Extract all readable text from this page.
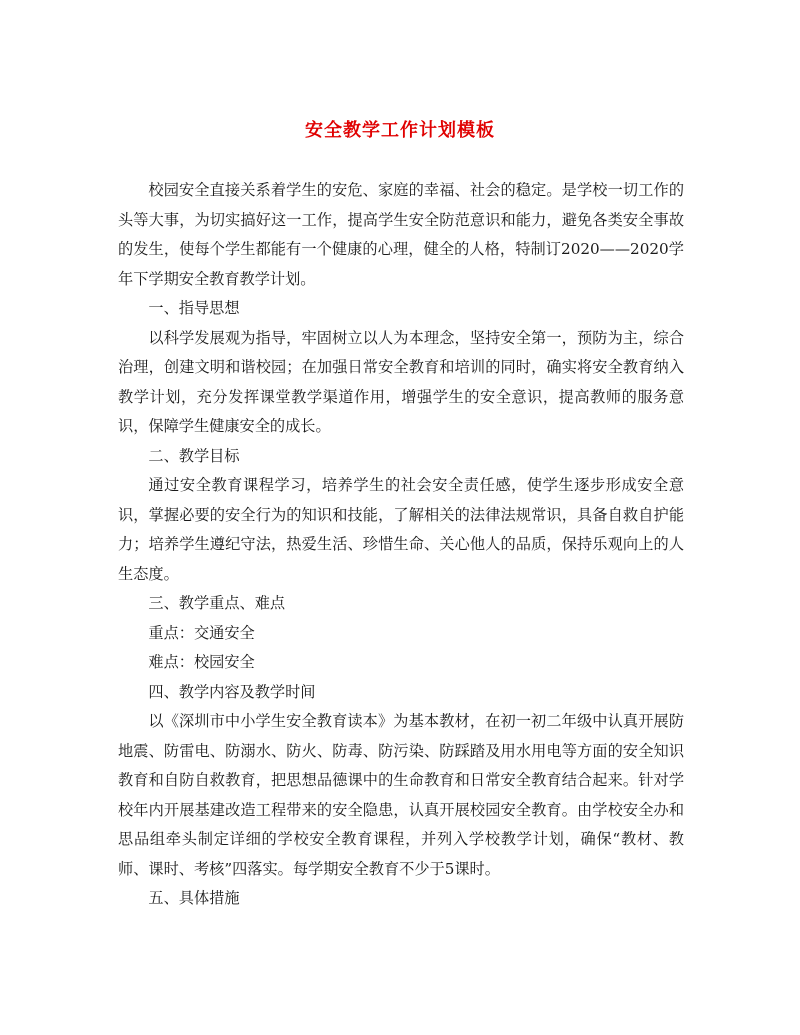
安全教学工作计划模板

校园安全直接关系着学生的安危、家庭的幸福、社会的稳定。是学校一切工作的头等大事，为切实搞好这一工作，提高学生安全防范意识和能力，避免各类安全事故的发生，使每个学生都能有一个健康的心理，健全的人格，特制订2020——2020学年下学期安全教育教学计划。

一、指导思想

以科学发展观为指导，牢固树立以人为本理念，坚持安全第一，预防为主，综合治理，创建文明和谐校园；在加强日常安全教育和培训的同时，确实将安全教育纳入教学计划，充分发挥课堂教学渠道作用，增强学生的安全意识，提高教师的服务意识，保障学生健康安全的成长。

二、教学目标

通过安全教育课程学习，培养学生的社会安全责任感，使学生逐步形成安全意识，掌握必要的安全行为的知识和技能，了解相关的法律法规常识，具备自救自护能力；培养学生遵纪守法，热爱生活、珍惜生命、关心他人的品质，保持乐观向上的人生态度。

三、教学重点、难点

重点：交通安全

难点：校园安全

四、教学内容及教学时间

以《深圳市中小学生安全教育读本》为基本教材，在初一初二年级中认真开展防地震、防雷电、防溺水、防火、防毒、防污染、防踩踏及用水用电等方面的安全知识教育和自防自救教育，把思想品德课中的生命教育和日常安全教育结合起来。针对学校年内开展基建改造工程带来的安全隐患，认真开展校园安全教育。由学校安全办和思品组牵头制定详细的学校安全教育课程，并列入学校教学计划，确保“教材、教师、课时、考核”四落实。每学期安全教育不少于5课时。

五、具体措施
